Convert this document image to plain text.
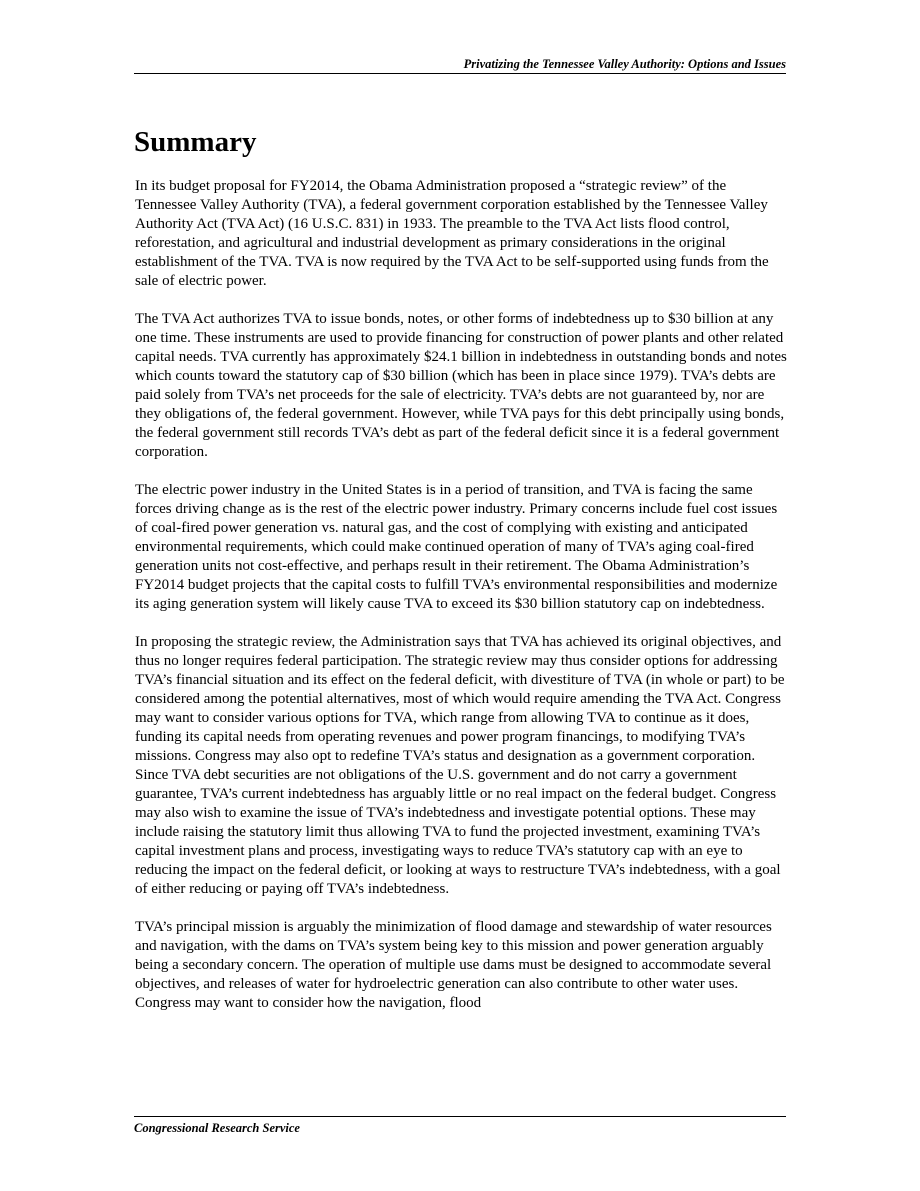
Privatizing the Tennessee Valley Authority: Options and Issues
Summary

In its budget proposal for FY2014, the Obama Administration proposed a “strategic review” of the Tennessee Valley Authority (TVA), a federal government corporation established by the Tennessee Valley Authority Act (TVA Act) (16 U.S.C. 831) in 1933. The preamble to the TVA Act lists flood control, reforestation, and agricultural and industrial development as primary considerations in the original establishment of the TVA. TVA is now required by the TVA Act to be self-supported using funds from the sale of electric power.

The TVA Act authorizes TVA to issue bonds, notes, or other forms of indebtedness up to $30 billion at any one time. These instruments are used to provide financing for construction of power plants and other related capital needs. TVA currently has approximately $24.1 billion in indebtedness in outstanding bonds and notes which counts toward the statutory cap of $30 billion (which has been in place since 1979). TVA’s debts are paid solely from TVA’s net proceeds for the sale of electricity. TVA’s debts are not guaranteed by, nor are they obligations of, the federal government. However, while TVA pays for this debt principally using bonds, the federal government still records TVA’s debt as part of the federal deficit since it is a federal government corporation.

The electric power industry in the United States is in a period of transition, and TVA is facing the same forces driving change as is the rest of the electric power industry. Primary concerns include fuel cost issues of coal-fired power generation vs. natural gas, and the cost of complying with existing and anticipated environmental requirements, which could make continued operation of many of TVA’s aging coal-fired generation units not cost-effective, and perhaps result in their retirement. The Obama Administration’s FY2014 budget projects that the capital costs to fulfill TVA’s environmental responsibilities and modernize its aging generation system will likely cause TVA to exceed its $30 billion statutory cap on indebtedness.

In proposing the strategic review, the Administration says that TVA has achieved its original objectives, and thus no longer requires federal participation. The strategic review may thus consider options for addressing TVA’s financial situation and its effect on the federal deficit, with divestiture of TVA (in whole or part) to be considered among the potential alternatives, most of which would require amending the TVA Act. Congress may want to consider various options for TVA, which range from allowing TVA to continue as it does, funding its capital needs from operating revenues and power program financings, to modifying TVA’s missions. Congress may also opt to redefine TVA’s status and designation as a government corporation. Since TVA debt securities are not obligations of the U.S. government and do not carry a government guarantee, TVA’s current indebtedness has arguably little or no real impact on the federal budget. Congress may also wish to examine the issue of TVA’s indebtedness and investigate potential options. These may include raising the statutory limit thus allowing TVA to fund the projected investment, examining TVA’s capital investment plans and process, investigating ways to reduce TVA’s statutory cap with an eye to reducing the impact on the federal deficit, or looking at ways to restructure TVA’s indebtedness, with a goal of either reducing or paying off TVA’s indebtedness.

TVA’s principal mission is arguably the minimization of flood damage and stewardship of water resources and navigation, with the dams on TVA’s system being key to this mission and power generation arguably being a secondary concern. The operation of multiple use dams must be designed to accommodate several objectives, and releases of water for hydroelectric generation can also contribute to other water uses. Congress may want to consider how the navigation, flood

Congressional Research Service
